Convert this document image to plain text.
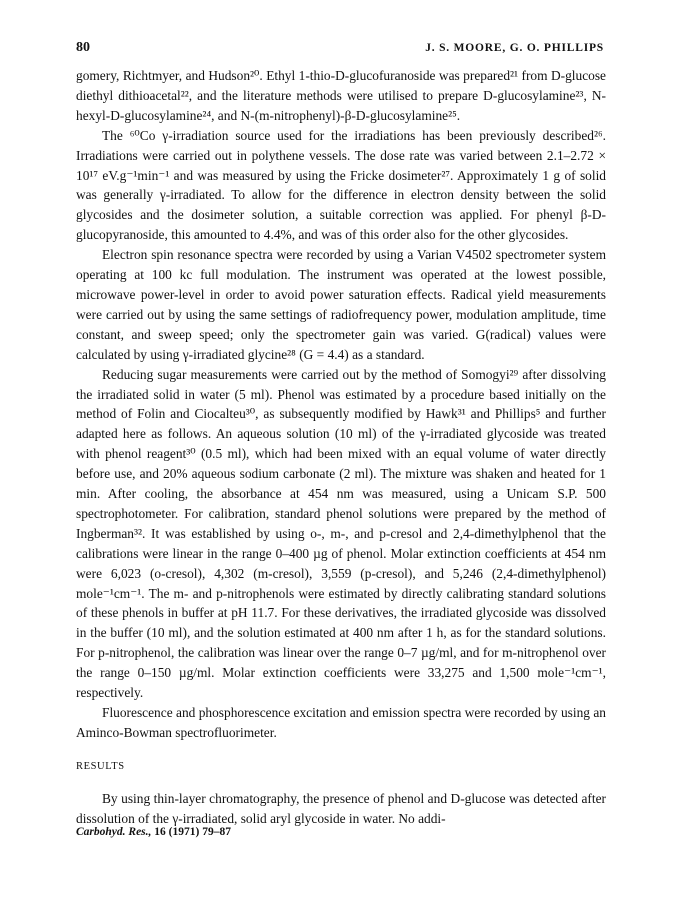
80	J. S. MOORE, G. O. PHILLIPS

gomery, Richtmyer, and Hudson²⁰. Ethyl 1-thio-D-glucofuranoside was prepared²¹ from D-glucose diethyl dithioacetal²², and the literature methods were utilised to prepare D-glucosylamine²³, N-hexyl-D-glucosylamine²⁴, and N-(m-nitrophenyl)-β-D-glucosylamine²⁵.

The ⁶⁰Co γ-irradiation source used for the irradiations has been previously described²⁶. Irradiations were carried out in polythene vessels. The dose rate was varied between 2.1–2.72 × 10¹⁷ eV.g⁻¹min⁻¹ and was measured by using the Fricke dosimeter²⁷. Approximately 1 g of solid was generally γ-irradiated. To allow for the difference in electron density between the solid glycosides and the dosimeter solution, a suitable correction was applied. For phenyl β-D-glucopyranoside, this amounted to 4.4%, and was of this order also for the other glycosides.

Electron spin resonance spectra were recorded by using a Varian V4502 spectrometer system operating at 100 kc full modulation. The instrument was operated at the lowest possible, microwave power-level in order to avoid power saturation effects. Radical yield measurements were carried out by using the same settings of radiofrequency power, modulation amplitude, time constant, and sweep speed; only the spectrometer gain was varied. G(radical) values were calculated by using γ-irradiated glycine²⁸ (G = 4.4) as a standard.

Reducing sugar measurements were carried out by the method of Somogyi²⁹ after dissolving the irradiated solid in water (5 ml). Phenol was estimated by a procedure based initially on the method of Folin and Ciocalteu³⁰, as subsequently modified by Hawk³¹ and Phillips⁵ and further adapted here as follows. An aqueous solution (10 ml) of the γ-irradiated glycoside was treated with phenol reagent³⁰ (0.5 ml), which had been mixed with an equal volume of water directly before use, and 20% aqueous sodium carbonate (2 ml). The mixture was shaken and heated for 1 min. After cooling, the absorbance at 454 nm was measured, using a Unicam S.P. 500 spectrophotometer. For calibration, standard phenol solutions were prepared by the method of Ingberman³². It was established by using o-, m-, and p-cresol and 2,4-dimethylphenol that the calibrations were linear in the range 0–400 µg of phenol. Molar extinction coefficients at 454 nm were 6,023 (o-cresol), 4,302 (m-cresol), 3,559 (p-cresol), and 5,246 (2,4-dimethylphenol) mole⁻¹cm⁻¹. The m- and p-nitrophenols were estimated by directly calibrating standard solutions of these phenols in buffer at pH 11.7. For these derivatives, the irradiated glycoside was dissolved in the buffer (10 ml), and the solution estimated at 400 nm after 1 h, as for the standard solutions. For p-nitrophenol, the calibration was linear over the range 0–7 µg/ml, and for m-nitrophenol over the range 0–150 µg/ml. Molar extinction coefficients were 33,275 and 1,500 mole⁻¹cm⁻¹, respectively.

Fluorescence and phosphorescence excitation and emission spectra were recorded by using an Aminco-Bowman spectrofluorimeter.

RESULTS

By using thin-layer chromatography, the presence of phenol and D-glucose was detected after dissolution of the γ-irradiated, solid aryl glycoside in water. No addi-

Carbohyd. Res., 16 (1971) 79–87
